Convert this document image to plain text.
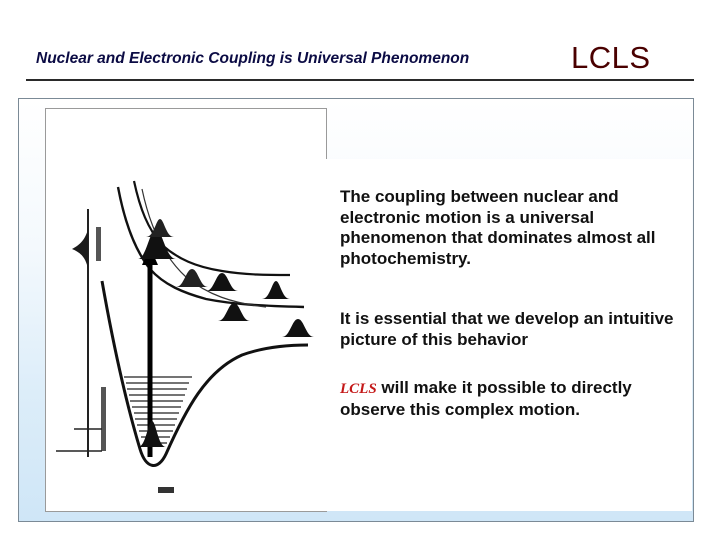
Nuclear and Electronic Coupling is Universal Phenomenon	LCLS
The coupling between nuclear and electronic motion is a universal phenomenon that dominates almost all photochemistry.
It is essential that we develop an intuitive picture of this behavior
LCLS will make it possible to directly observe this complex motion.
